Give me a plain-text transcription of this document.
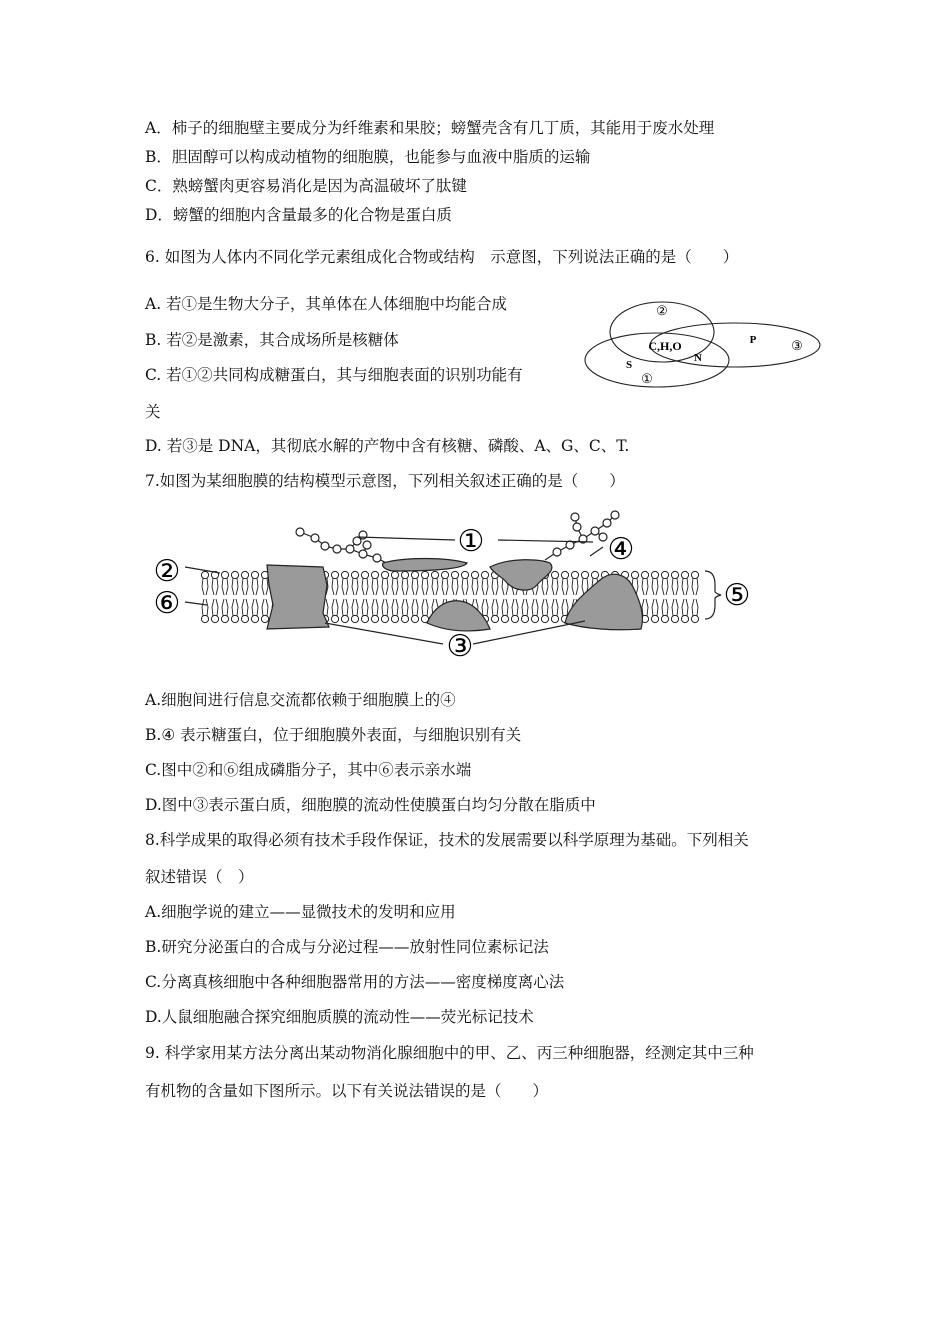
A．柿子的细胞壁主要成分为纤维素和果胶；螃蟹壳含有几丁质，其能用于废水处理
B．胆固醇可以构成动植物的细胞膜，也能参与血液中脂质的运输
C．熟螃蟹肉更容易消化是因为高温破坏了肽键
D．螃蟹的细胞内含量最多的化合物是蛋白质
6. 如图为人体内不同化学元素组成化合物或结构　示意图，下列说法正确的是（　　）
A. 若①是生物大分子，其单体在人体细胞中均能合成
B. 若②是激素，其合成场所是核糖体
C. 若①②共同构成糖蛋白，其与细胞表面的识别功能有
关
D. 若③是 DNA，其彻底水解的产物中含有核糖、磷酸、A、G、C、T.
②
C,H,O
N
P	③
S
①
7.如图为某细胞膜的结构模型示意图，下列相关叙述正确的是（　　）
①	④
②
⑥	⑤
③
A.细胞间进行信息交流都依赖于细胞膜上的④
B.④ 表示糖蛋白，位于细胞膜外表面，与细胞识别有关
C.图中②和⑥组成磷脂分子，其中⑥表示亲水端
D.图中③表示蛋白质，细胞膜的流动性使膜蛋白均匀分散在脂质中
8.科学成果的取得必须有技术手段作保证，技术的发展需要以科学原理为基础。下列相关
叙述错误（　）
A.细胞学说的建立——显微技术的发明和应用
B.研究分泌蛋白的合成与分泌过程——放射性同位素标记法
C.分离真核细胞中各种细胞器常用的方法——密度梯度离心法
D.人鼠细胞融合探究细胞质膜的流动性——荧光标记技术
9. 科学家用某方法分离出某动物消化腺细胞中的甲、乙、丙三种细胞器，经测定其中三种
有机物的含量如下图所示。以下有关说法错误的是（　　）
